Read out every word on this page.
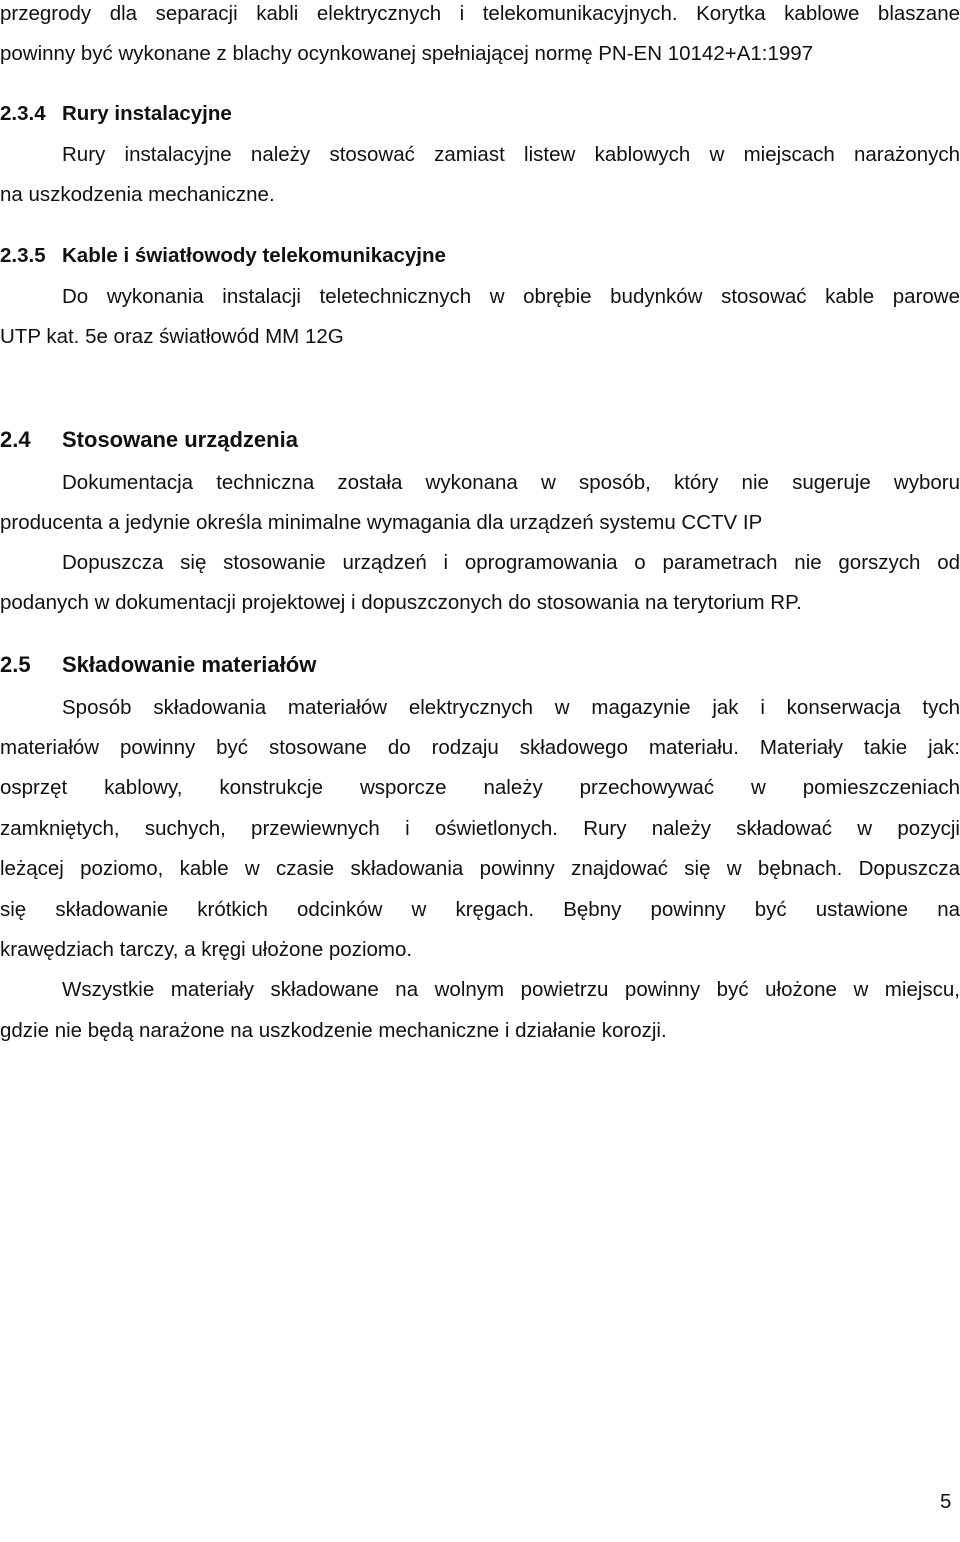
przegrody dla separacji kabli elektrycznych i telekomunikacyjnych. Korytka kablowe blaszane
powinny być wykonane z blachy ocynkowanej spełniającej normę PN-EN 10142+A1:1997
2.3.4 Rury instalacyjne
Rury instalacyjne należy stosować zamiast listew kablowych w miejscach narażonych
na uszkodzenia mechaniczne.
2.3.5 Kable i światłowody telekomunikacyjne
Do wykonania instalacji teletechnicznych w obrębie budynków stosować kable parowe
UTP kat. 5e oraz światłowód MM 12G
2.4 Stosowane urządzenia
Dokumentacja techniczna została wykonana w sposób, który nie sugeruje wyboru
producenta a jedynie określa minimalne wymagania dla urządzeń systemu CCTV IP
Dopuszcza się stosowanie urządzeń i oprogramowania o parametrach nie gorszych od
podanych w dokumentacji projektowej i dopuszczonych do stosowania na terytorium RP.
2.5 Składowanie materiałów
Sposób składowania materiałów elektrycznych w magazynie jak i konserwacja tych
materiałów powinny być stosowane do rodzaju składowego materiału. Materiały takie jak:
osprzęt kablowy, konstrukcje wsporcze należy przechowywać w pomieszczeniach
zamkniętych, suchych, przewiewnych i oświetlonych. Rury należy składować w pozycji
leżącej poziomo, kable w czasie składowania powinny znajdować się w bębnach. Dopuszcza
się składowanie krótkich odcinków w kręgach. Bębny powinny być ustawione na
krawędziach tarczy, a kręgi ułożone poziomo.
Wszystkie materiały składowane na wolnym powietrzu powinny być ułożone w miejscu,
gdzie nie będą narażone na uszkodzenie mechaniczne i działanie korozji.
5
